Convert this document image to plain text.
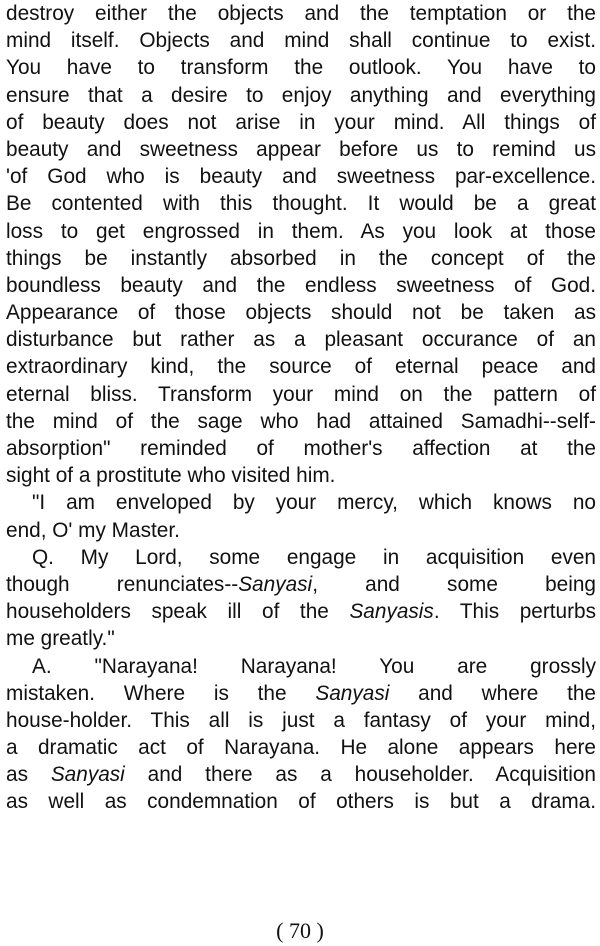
destroy either the objects and the temptation or the
mind itself. Objects and mind shall continue to exist.
You have to transform the outlook. You have to
ensure that a desire to enjoy anything and everything
of beauty does not arise in your mind. All things of
beauty and sweetness appear before us to remind us
'of God who is beauty and sweetness par-excellence.
Be contented with this thought. It would be a great
loss to get engrossed in them. As you look at those
things be instantly absorbed in the concept of the
boundless beauty and the endless sweetness of God.
Appearance of those objects should not be taken as
disturbance but rather as a pleasant occurance of an
extraordinary kind, the source of eternal peace and
eternal bliss. Transform your mind on the pattern of
the mind of the sage who had attained Samadhi--self-
absorption" reminded of mother's affection at the
sight of a prostitute who visited him.
"I am enveloped by your mercy, which knows no
end, O' my Master.
Q. My Lord, some engage in acquisition even
though renunciates--Sanyasi, and some being
householders speak ill of the Sanyasis. This perturbs
me greatly."
A. "Narayana! Narayana! You are grossly
mistaken. Where is the Sanyasi and where the
house-holder. This all is just a fantasy of your mind,
a dramatic act of Narayana. He alone appears here
as Sanyasi and there as a householder. Acquisition
as well as condemnation of others is but a drama.
( 70 )
